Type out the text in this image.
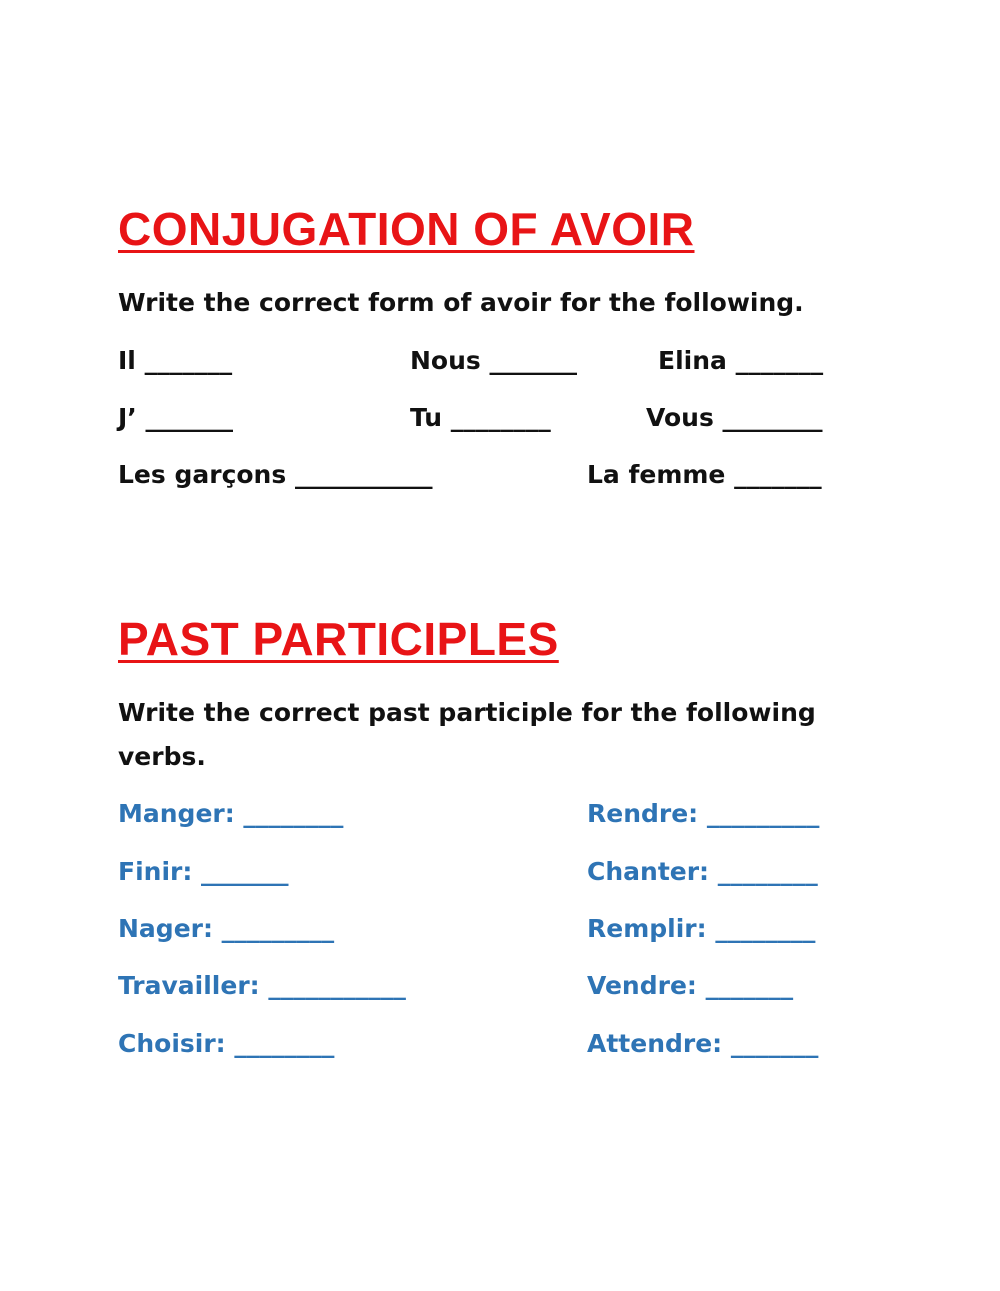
CONJUGATION OF AVOIR

Write the correct form of avoir for the following.

Il _______	Nous _______	Elina _______
J’ _______	Tu ________	Vous ________
Les garçons ___________	La femme _______
PAST PARTICIPLES

Write the correct past participle for the following

verbs.

Manger: ________	Rendre: _________
Finir: _______	Chanter: ________
Nager: _________	Remplir: ________
Travailler: ___________	Vendre: _______
Choisir: ________	Attendre: _______
